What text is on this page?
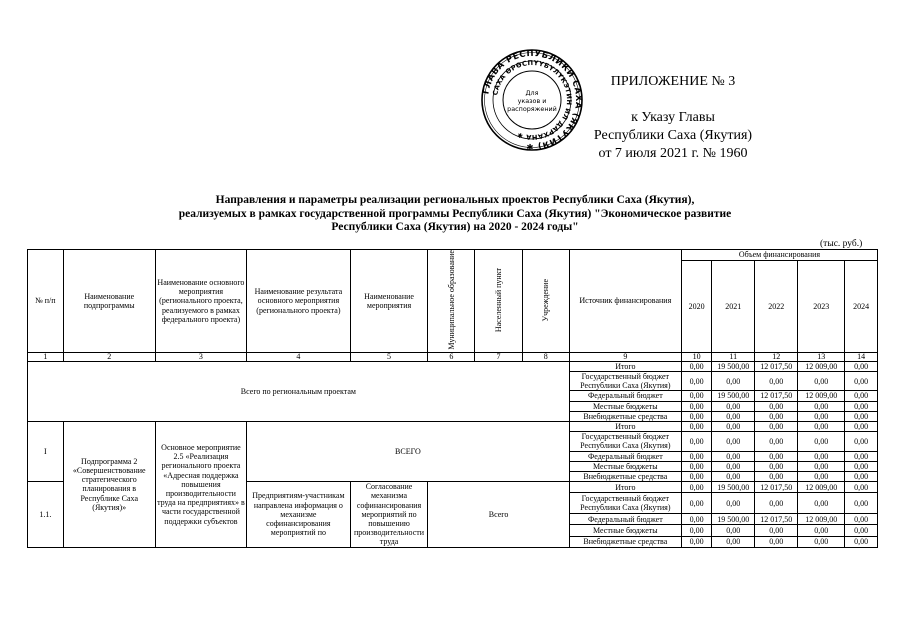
ГЛАВА РЕСПУБЛИКИ САХА (ЯКУТИЯ) ✱
САХА ӨРӨСПҮҮБҮЛҮКЭТИН ИЛ ДАРХАНА ✱
Для
указов и
распоряжений
ПРИЛОЖЕНИЕ № 3
к Указу Главы
Республики Саха (Якутия)
от 7 июля 2021 г. № 1960
Направления и параметры реализации региональных проектов Республики Саха (Якутия),
реализуемых в рамках государственной программы Республики Саха (Якутия) "Экономическое развитие
Республики Саха (Якутия) на 2020 - 2024 годы"
(тыс. руб.)
№ п/п	Наименование подпрограммы	Наименование основного мероприятия (регионального проекта, реализуемого в рамках федерального проекта)	Наименование результата основного мероприятия (регионального проекта)	Наименование мероприятия	Муниципальное образование	Населенный пункт	Учреждение	Источник финансирования	Объем финансирования				
									2020	2021	2022	2023	2024
1	2	3	4	5	6	7	8	9	10	11	12	13	14
Всего по региональным проектам								Итого	0,00	19 500,00	12 017,50	12 009,00	0,00
								Государственный бюджет Республики Саха (Якутия)	0,00	0,00	0,00	0,00	0,00
								Федеральный бюджет	0,00	19 500,00	12 017,50	12 009,00	0,00
								Местные бюджеты	0,00	0,00	0,00	0,00	0,00
								Внебюджетные средства	0,00	0,00	0,00	0,00	0,00
I	Подпрограмма 2 «Совершенствование стратегического планирования в Республике Саха (Якутия)»	Основное мероприятие 2.5 «Реализация регионального проекта «Адресная поддержка повышения производительности труда на предприятиях» в части государственной поддержки субъектов	ВСЕГО					Итого	0,00	0,00	0,00	0,00	0,00
								Государственный бюджет Республики Саха (Якутия)	0,00	0,00	0,00	0,00	0,00
								Федеральный бюджет	0,00	0,00	0,00	0,00	0,00
								Местные бюджеты	0,00	0,00	0,00	0,00	0,00
								Внебюджетные средства	0,00	0,00	0,00	0,00	0,00
1.1.			Предприятиям-участникам направлена информация о механизме софинансирования мероприятий по	Согласование механизма софинансирования мероприятий по повышению производительности труда	Всего			Итого	0,00	19 500,00	12 017,50	12 009,00	0,00
								Государственный бюджет Республики Саха (Якутия)	0,00	0,00	0,00	0,00	0,00
								Федеральный бюджет	0,00	19 500,00	12 017,50	12 009,00	0,00
								Местные бюджеты	0,00	0,00	0,00	0,00	0,00
								Внебюджетные средства	0,00	0,00	0,00	0,00	0,00
